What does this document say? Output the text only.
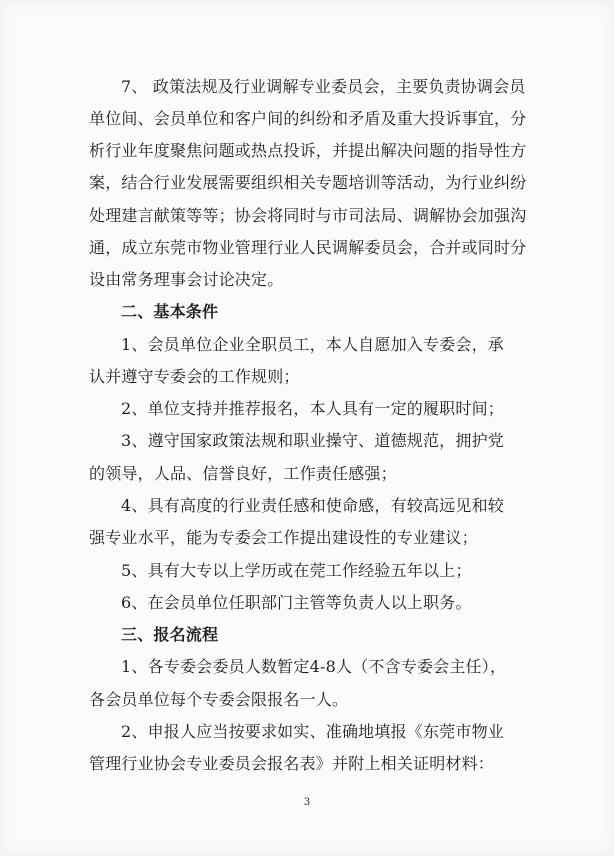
7、 政策法规及行业调解专业委员会，主要负责协调会员
单位间、会员单位和客户间的纠纷和矛盾及重大投诉事宜，分
析行业年度聚焦问题或热点投诉，并提出解决问题的指导性方
案，结合行业发展需要组织相关专题培训等活动，为行业纠纷
处理建言献策等等；协会将同时与市司法局、调解协会加强沟
通，成立东莞市物业管理行业人民调解委员会，合并或同时分
设由常务理事会讨论决定。
二、基本条件
1、会员单位企业全职员工，本人自愿加入专委会，承
认并遵守专委会的工作规则；
2、单位支持并推荐报名，本人具有一定的履职时间；
3、遵守国家政策法规和职业操守、道德规范，拥护党
的领导，人品、信誉良好，工作责任感强；
4、具有高度的行业责任感和使命感，有较高远见和较
强专业水平，能为专委会工作提出建设性的专业建议；
5、具有大专以上学历或在莞工作经验五年以上；
6、在会员单位任职部门主管等负责人以上职务。
三、报名流程
1、各专委会委员人数暂定4-8人（不含专委会主任），
各会员单位每个专委会限报名一人。
2、申报人应当按要求如实、准确地填报《东莞市物业
管理行业协会专业委员会报名表》并附上相关证明材料：
3
